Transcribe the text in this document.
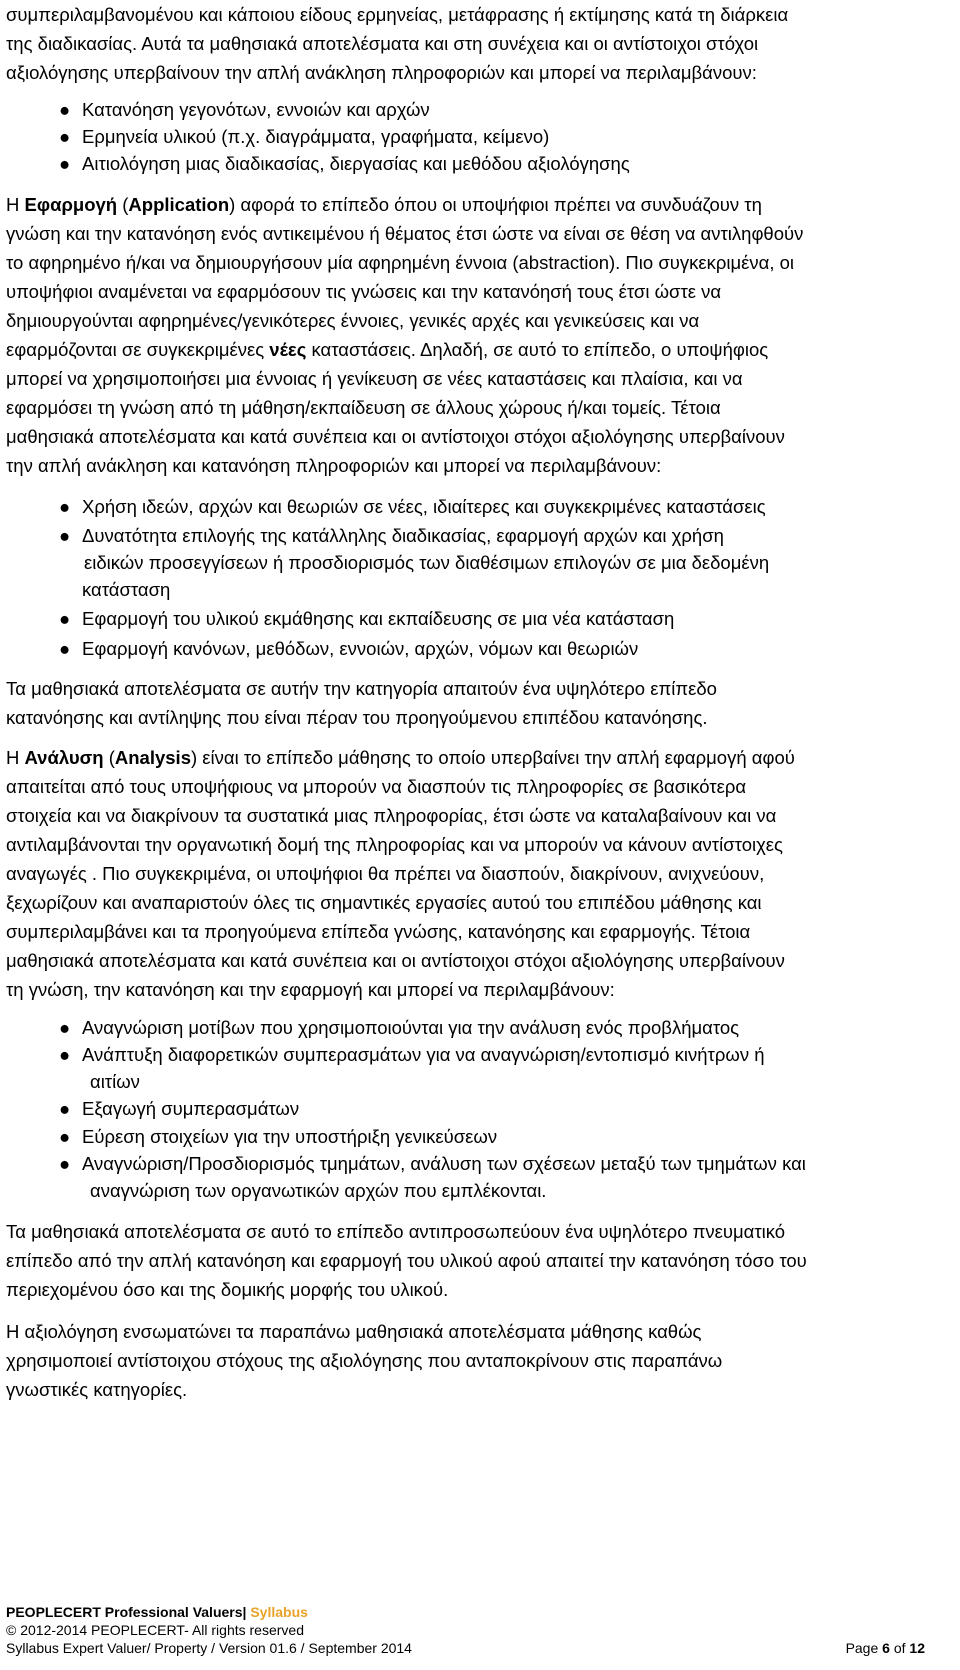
συμπεριλαμβανομένου και κάποιου είδους ερμηνείας, μετάφρασης ή εκτίμησης κατά τη διάρκεια

της διαδικασίας. Αυτά τα μαθησιακά αποτελέσματα και στη συνέχεια και οι αντίστοιχοι στόχοι

αξιολόγησης υπερβαίνουν την απλή ανάκληση πληροφοριών και μπορεί να περιλαμβάνουν:

● Κατανόηση γεγονότων, εννοιών και αρχών
● Ερμηνεία υλικού (π.χ. διαγράμματα, γραφήματα, κείμενο)
● Αιτιολόγηση μιας διαδικασίας, διεργασίας και μεθόδου αξιολόγησης

Η Εφαρμογή (Application) αφορά το επίπεδο όπου οι υποψήφιοι πρέπει να συνδυάζουν τη

γνώση και την κατανόηση ενός αντικειμένου ή θέματος έτσι ώστε να είναι σε θέση να αντιληφθούν

το αφηρημένο ή/και να δημιουργήσουν μία αφηρημένη έννοια (abstraction). Πιο συγκεκριμένα, οι

υποψήφιοι αναμένεται να εφαρμόσουν τις γνώσεις και την κατανόησή τους έτσι ώστε να

δημιουργούνται αφηρημένες/γενικότερες έννοιες, γενικές αρχές και γενικεύσεις και να

εφαρμόζονται σε συγκεκριμένες νέες καταστάσεις. Δηλαδή, σε αυτό το επίπεδο, ο υποψήφιος

μπορεί να χρησιμοποιήσει μια έννοιας ή γενίκευση σε νέες καταστάσεις και πλαίσια, και να

εφαρμόσει τη γνώση από τη μάθηση/εκπαίδευση σε άλλους χώρους ή/και τομείς. Τέτοια

μαθησιακά αποτελέσματα και κατά συνέπεια και οι αντίστοιχοι στόχοι αξιολόγησης υπερβαίνουν

την απλή ανάκληση και κατανόηση πληροφοριών και μπορεί να περιλαμβάνουν:

● Χρήση ιδεών, αρχών και θεωριών σε νέες, ιδιαίτερες και συγκεκριμένες καταστάσεις
● Δυνατότητα επιλογής της κατάλληλης διαδικασίας, εφαρμογή αρχών και χρήση
ειδικών προσεγγίσεων ή προσδιορισμός των διαθέσιμων επιλογών σε μια δεδομένη
κατάσταση
● Εφαρμογή του υλικού εκμάθησης και εκπαίδευσης σε μια νέα κατάσταση
● Εφαρμογή κανόνων, μεθόδων, εννοιών, αρχών, νόμων και θεωριών

Τα μαθησιακά αποτελέσματα σε αυτήν την κατηγορία απαιτούν ένα υψηλότερο επίπεδο

κατανόησης και αντίληψης που είναι πέραν του προηγούμενου επιπέδου κατανόησης.

Η Ανάλυση (Analysis) είναι το επίπεδο μάθησης το οποίο υπερβαίνει την απλή εφαρμογή αφού

απαιτείται από τους υποψήφιους να μπορούν να διασπούν τις πληροφορίες σε βασικότερα

στοιχεία και να διακρίνουν τα συστατικά μιας πληροφορίας, έτσι ώστε να καταλαβαίνουν και να

αντιλαμβάνονται την οργανωτική δομή της πληροφορίας και να μπορούν να κάνουν αντίστοιχες

αναγωγές . Πιο συγκεκριμένα, οι υποψήφιοι θα πρέπει να διασπούν, διακρίνουν, ανιχνεύουν,

ξεχωρίζουν και αναπαριστούν όλες τις σημαντικές εργασίες αυτού του επιπέδου μάθησης και

συμπεριλαμβάνει και τα προηγούμενα επίπεδα γνώσης, κατανόησης και εφαρμογής. Τέτοια

μαθησιακά αποτελέσματα και κατά συνέπεια και οι αντίστοιχοι στόχοι αξιολόγησης υπερβαίνουν

τη γνώση, την κατανόηση και την εφαρμογή και μπορεί να περιλαμβάνουν:

● Αναγνώριση μοτίβων που χρησιμοποιούνται για την ανάλυση ενός προβλήματος
● Ανάπτυξη διαφορετικών συμπερασμάτων για να αναγνώριση/εντοπισμό κινήτρων ή
αιτίων
● Εξαγωγή συμπερασμάτων
● Εύρεση στοιχείων για την υποστήριξη γενικεύσεων
● Αναγνώριση/Προσδιορισμός τμημάτων, ανάλυση των σχέσεων μεταξύ των τμημάτων και
αναγνώριση των οργανωτικών αρχών που εμπλέκονται.

Τα μαθησιακά αποτελέσματα σε αυτό το επίπεδο αντιπροσωπεύουν ένα υψηλότερο πνευματικό

επίπεδο από την απλή κατανόηση και εφαρμογή του υλικού αφού απαιτεί την κατανόηση τόσο του

περιεχομένου όσο και της δομικής μορφής του υλικού.

Η αξιολόγηση ενσωματώνει τα παραπάνω μαθησιακά αποτελέσματα μάθησης καθώς

χρησιμοποιεί αντίστοιχου στόχους της αξιολόγησης που ανταποκρίνουν στις παραπάνω

γνωστικές κατηγορίες.

PEOPLECERT Professional Valuers| Syllabus
© 2012-2014 PEOPLECERT- All rights reserved
Syllabus Expert Valuer/ Property / Version 01.6 / September 2014	Page 6 of 12
